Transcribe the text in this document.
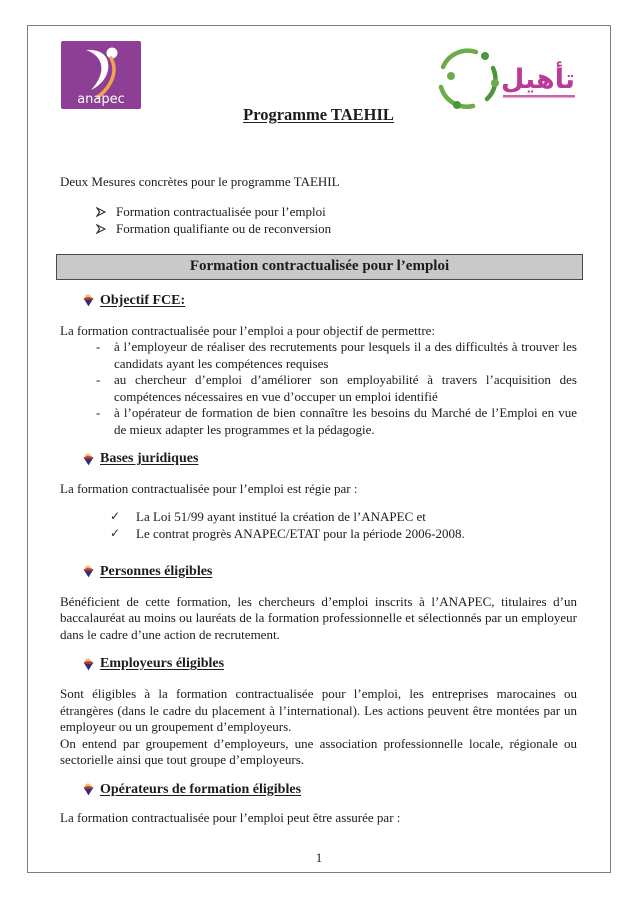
anapec
تأهيل
Programme TAEHIL

Deux Mesures concrètes pour le programme TAEHIL

Formation contractualisée pour l’emploi
Formation qualifiante ou de reconversion
Formation contractualisée pour l’emploi
Objectif FCE:

La formation contractualisée pour l’emploi a pour objectif de permettre:

-	à l’employeur de réaliser des recrutements pour lesquels il a des difficultés à trouver les candidats ayant les compétences requises
-	au chercheur d’emploi d’améliorer son employabilité à travers l’acquisition des compétences nécessaires en vue d’occuper un emploi identifié
-	à l’opérateur de formation de bien connaître les besoins du Marché de l’Emploi en vue de mieux adapter les programmes et la pédagogie.
Bases juridiques

La formation contractualisée pour l’emploi est régie par :

✓	La Loi 51/99 ayant institué la création de l’ANAPEC et
✓	Le contrat progrès ANAPEC/ETAT pour la période 2006-2008.
Personnes éligibles

Bénéficient de cette formation, les chercheurs d’emploi inscrits à l’ANAPEC, titulaires d’un baccalauréat au moins ou lauréats de la formation professionnelle et sélectionnés par un employeur dans le cadre d’une action de recrutement.

Employeurs éligibles

Sont éligibles à la formation contractualisée pour l’emploi, les entreprises marocaines ou étrangères (dans le cadre du placement à l’international). Les actions peuvent être montées par un employeur ou un groupement d’employeurs.

On entend par groupement d’employeurs, une association professionnelle locale, régionale ou sectorielle ainsi que tout groupe d’employeurs.

Opérateurs de formation éligibles

La formation contractualisée pour l’emploi peut être assurée par :

1
